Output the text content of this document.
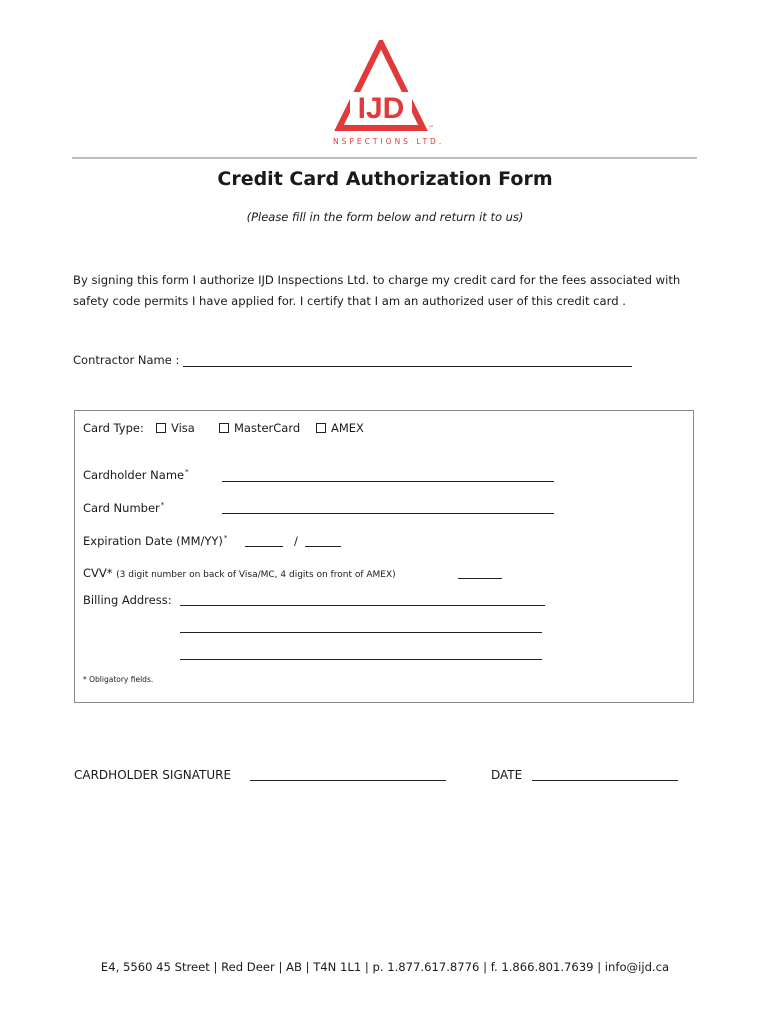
IJD
™
INSPECTIONS LTD.
Credit Card Authorization Form
(Please fill in the form below and return it to us)
By signing this form I authorize IJD Inspections Ltd. to charge my credit card for the fees associated with safety code permits I have applied for. I certify that I am an authorized user of this credit card .
Contractor Name :
Card Type:	Visa	MasterCard	AMEX
Cardholder Name*
Card Number*
Expiration Date (MM/YY)*	/
CVV* (3 digit number on back of Visa/MC, 4 digits on front of AMEX)
Billing Address:
* Obligatory fields.
CARDHOLDER SIGNATURE	DATE
E4, 5560 45 Street | Red Deer | AB | T4N 1L1 | p. 1.877.617.8776 | f. 1.866.801.7639 | info@ijd.ca
